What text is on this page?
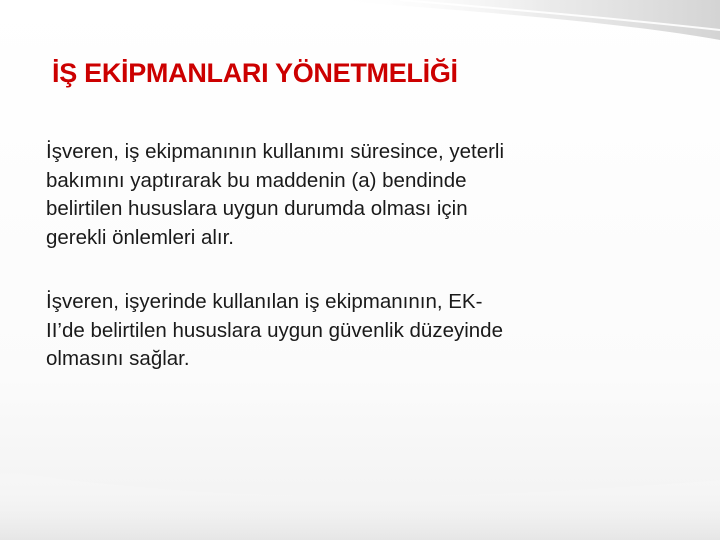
İŞ EKİPMANLARI YÖNETMELİĞİ

İşveren, iş ekipmanının kullanımı süresince, yeterli
bakımını yaptırarak bu maddenin (a) bendinde
belirtilen hususlara uygun durumda olması için
gerekli önlemleri alır.

İşveren, işyerinde kullanılan iş ekipmanının, EK-
II’de belirtilen hususlara uygun güvenlik düzeyinde
olmasını sağlar.
